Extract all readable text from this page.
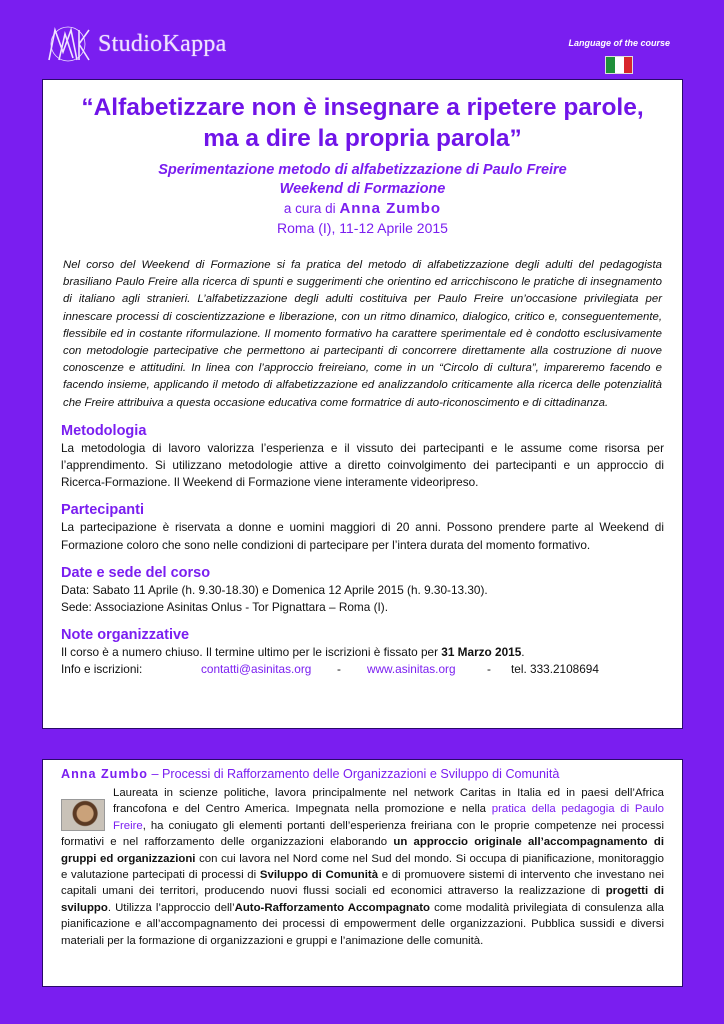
StudioKappa	Language of the course
“Alfabetizzare non è insegnare a ripetere parole, ma a dire la propria parola”
Sperimentazione metodo di alfabetizzazione di Paulo Freire
Weekend di Formazione
a cura di Anna Zumbo
Roma (I), 11-12 Aprile 2015
Nel corso del Weekend di Formazione si fa pratica del metodo di alfabetizzazione degli adulti del pedagogista brasiliano Paulo Freire alla ricerca di spunti e suggerimenti che orientino ed arricchiscono le pratiche di insegnamento di italiano agli stranieri. L’alfabetizzazione degli adulti costituiva per Paulo Freire un’occasione privilegiata per innescare processi di coscientizzazione e liberazione, con un ritmo dinamico, dialogico, critico e, conseguentemente, flessibile ed in costante riformulazione. Il momento formativo ha carattere sperimentale ed è condotto esclusivamente con metodologie partecipative che permettono ai partecipanti di concorrere direttamente alla costruzione di nuove conoscenze e attitudini. In linea con l’approccio freireiano, come in un “Circolo di cultura”, impareremo facendo e facendo insieme, applicando il metodo di alfabetizzazione ed analizzandolo criticamente alla ricerca delle potenzialità che Freire attribuiva a questa occasione educativa come formatrice di auto-riconoscimento e di cittadinanza.
Metodologia
La metodologia di lavoro valorizza l’esperienza e il vissuto dei partecipanti e le assume come risorsa per l’apprendimento. Si utilizzano metodologie attive a diretto coinvolgimento dei partecipanti e un approccio di Ricerca-Formazione. Il Weekend di Formazione viene interamente videoripreso.
Partecipanti
La partecipazione è riservata a donne e uomini maggiori di 20 anni. Possono prendere parte al Weekend di Formazione coloro che sono nelle condizioni di partecipare per l’intera durata del momento formativo.
Date e sede del corso
Data: Sabato 11 Aprile (h. 9.30-18.30) e Domenica 12 Aprile 2015 (h. 9.30-13.30).
Sede: Associazione Asinitas Onlus - Tor Pignattara – Roma (I).
Note organizzative
Il corso è a numero chiuso. Il termine ultimo per le iscrizioni è fissato per 31 Marzo 2015.
Info e iscrizioni:	contatti@asinitas.org	-	www.asinitas.org	-	tel. 333.2108694
Anna Zumbo – Processi di Rafforzamento delle Organizzazioni e Sviluppo di Comunità
Laureata in scienze politiche, lavora principalmente nel network Caritas in Italia ed in paesi dell’Africa francofona e del Centro America. Impegnata nella promozione e nella pratica della pedagogia di Paulo Freire, ha coniugato gli elementi portanti dell’esperienza freiriana con le proprie competenze nei processi formativi e nel rafforzamento delle organizzazioni elaborando un approccio originale all’accompagnamento di gruppi ed organizzazioni con cui lavora nel Nord come nel Sud del mondo. Si occupa di pianificazione, monitoraggio e valutazione partecipati di processi di Sviluppo di Comunità e di promuovere sistemi di intervento che investano nei capitali umani dei territori, producendo nuovi flussi sociali ed economici attraverso la realizzazione di progetti di sviluppo. Utilizza l’approccio dell’Auto-Rafforzamento Accompagnato come modalità privilegiata di consulenza alla pianificazione e all’accompagnamento dei processi di empowerment delle organizzazioni. Pubblica sussidi e diversi materiali per la formazione di organizzazioni e gruppi e l’animazione delle comunità.
